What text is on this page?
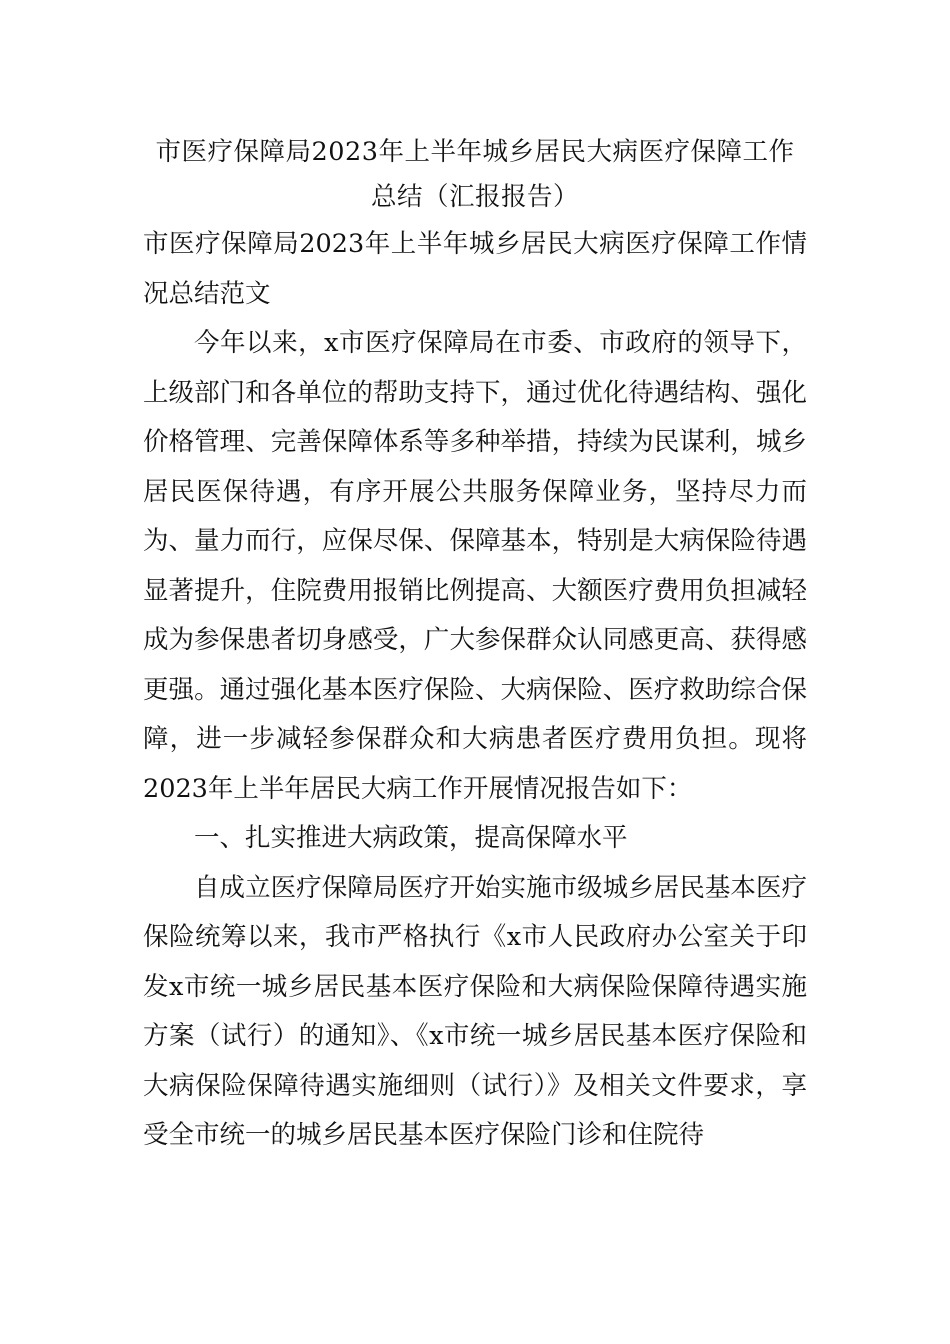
市医疗保障局2023年上半年城乡居民大病医疗保障工作总结（汇报报告）

市医疗保障局2023年上半年城乡居民大病医疗保障工作情况总结范文

今年以来，x市医疗保障局在市委、市政府的领导下，上级部门和各单位的帮助支持下，通过优化待遇结构、强化价格管理、完善保障体系等多种举措，持续为民谋利，城乡居民医保待遇，有序开展公共服务保障业务，坚持尽力而为、量力而行，应保尽保、保障基本，特别是大病保险待遇显著提升，住院费用报销比例提高、大额医疗费用负担减轻成为参保患者切身感受，广大参保群众认同感更高、获得感更强。通过强化基本医疗保险、大病保险、医疗救助综合保障，进一步减轻参保群众和大病患者医疗费用负担。现将2023年上半年居民大病工作开展情况报告如下：

一、扎实推进大病政策，提高保障水平

自成立医疗保障局医疗开始实施市级城乡居民基本医疗保险统筹以来，我市严格执行《x市人民政府办公室关于印发x市统一城乡居民基本医疗保险和大病保险保障待遇实施方案（试行）的通知》、《x市统一城乡居民基本医疗保险和大病保险保障待遇实施细则（试行）》及相关文件要求，享受全市统一的城乡居民基本医疗保险门诊和住院待
